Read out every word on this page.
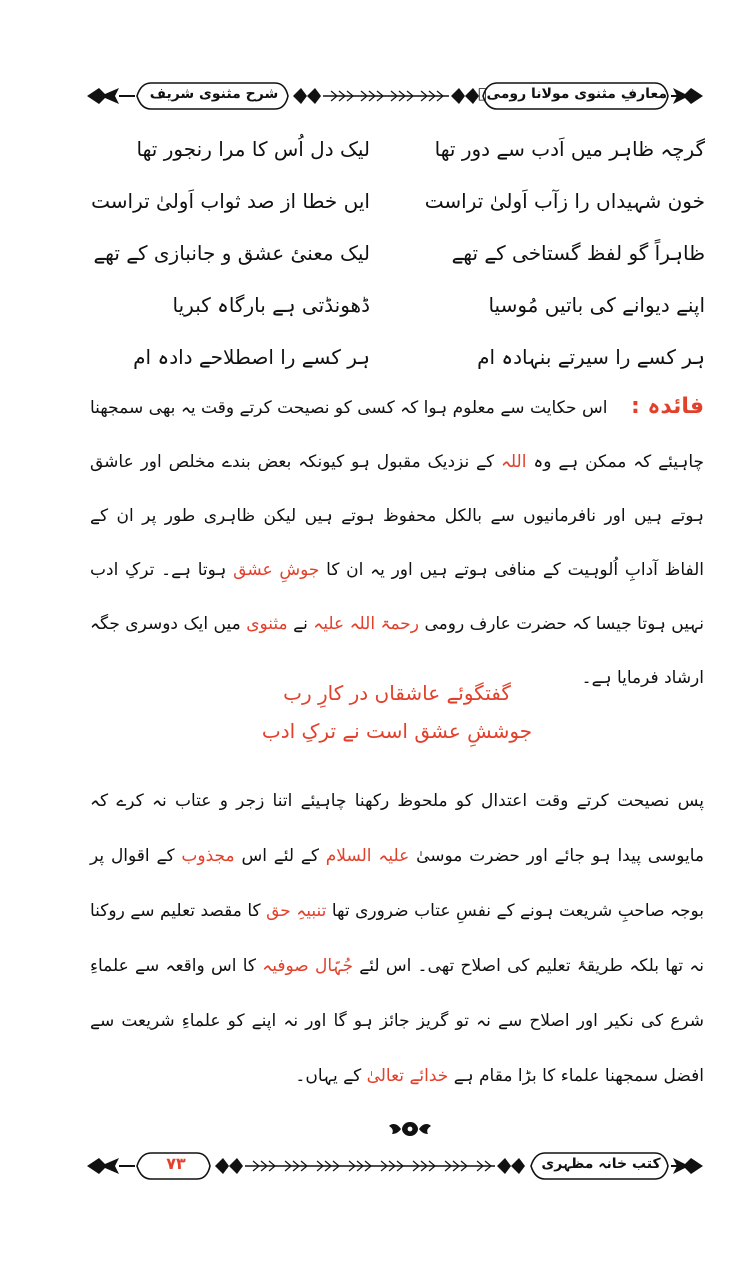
شرح مثنوی شریف	معارفِ مثنوی مولانا رومیؒ
گرچہ ظاہر میں اَدب سے دور تھا
لیک دل اُس کا مرا رنجور تھا
خون شہیداں را زآب اَولیٰ تراست
ایں خطا از صد ثواب اَولیٰ تراست
ظاہراً گو لفظ گستاخی کے تھے
لیک معنیٔ عشق و جانبازی کے تھے
اپنے دیوانے کی باتیں مُوسیا
ڈھونڈتی ہے بارگاہ کبریا
ہر کسے را سیرتے بنہادہ ام
ہر کسے را اصطلاحے دادہ ام
فائدہ : اس حکایت سے معلوم ہوا کہ کسی کو نصیحت کرتے وقت یہ بھی سمجھنا چاہیئے کہ ممکن ہے وہ اللہ کے نزدیک مقبول ہو کیونکہ بعض بندے مخلص اور عاشق ہوتے ہیں اور نافرمانیوں سے بالکل محفوظ ہوتے ہیں لیکن ظاہری طور پر ان کے الفاظ آدابِ اُلوہیت کے منافی ہوتے ہیں اور یہ ان کا جوشِ عشق ہوتا ہے۔ ترکِ ادب نہیں ہوتا جیسا کہ حضرت عارف رومی رحمۃ اللہ علیہ نے مثنوی میں ایک دوسری جگہ ارشاد فرمایا ہے۔
گفتگوئے عاشقاں در کارِ رب
جوششِ عشق است نے ترکِ ادب
پس نصیحت کرتے وقت اعتدال کو ملحوظ رکھنا چاہیئے اتنا زجر و عتاب نہ کرے کہ مایوسی پیدا ہو جائے اور حضرت موسیٰ علیہ السلام کے لئے اس مجذوب کے اقوال پر بوجہ صاحبِ شریعت ہونے کے نفسِ عتاب ضروری تھا تنبیہِ حق کا مقصد تعلیم سے روکنا نہ تھا بلکہ طریقۂ تعلیم کی اصلاح تھی۔ اس لئے جُہّال صوفیہ کا اس واقعہ سے علماءِ شرع کی نکیر اور اصلاح سے نہ تو گریز جائز ہو گا اور نہ اپنے کو علماءِ شریعت سے افضل سمجھنا علماء کا بڑا مقام ہے خدائے تعالیٰ کے یہاں۔
۷۳	کتب خانہ مظہری
